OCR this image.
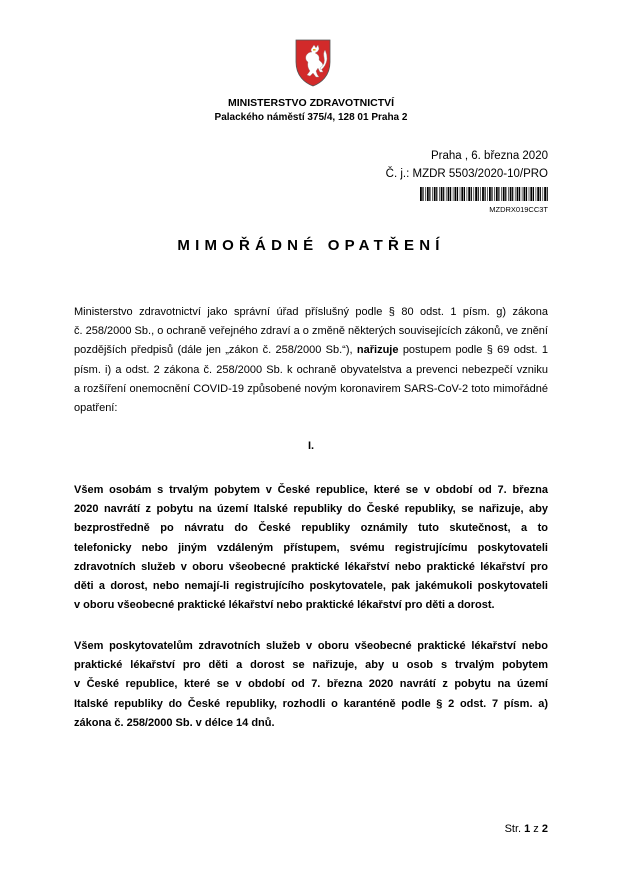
MINISTERSTVO ZDRAVOTNICTVÍ
Palackého náměstí 375/4, 128 01 Praha 2
Praha , 6. března 2020
Č. j.: MZDR 5503/2020-10/PRO
MZDRX019CC3T
MIMOŘÁDNÉ OPATŘENÍ
Ministerstvo zdravotnictví jako správní úřad příslušný podle § 80 odst. 1 písm. g) zákona
č. 258/2000 Sb., o ochraně veřejného zdraví a o změně některých souvisejících zákonů, ve znění
pozdějších předpisů (dále jen „zákon č. 258/2000 Sb.“), nařizuje postupem podle § 69 odst. 1
písm. i) a odst. 2 zákona č. 258/2000 Sb. k ochraně obyvatelstva a prevenci nebezpečí vzniku
a rozšíření onemocnění COVID-19 způsobené novým koronavirem SARS-CoV-2 toto mimořádné
opatření:
I.
Všem osobám s trvalým pobytem v České republice, které se v období od 7. března
2020 navrátí z pobytu na území Italské republiky do České republiky, se nařizuje, aby
bezprostředně po návratu do České republiky oznámily tuto skutečnost, a to
telefonicky nebo jiným vzdáleným přístupem, svému registrujícímu poskytovateli
zdravotních služeb v oboru všeobecné praktické lékařství nebo praktické lékařství pro
děti a dorost, nebo nemají-li registrujícího poskytovatele, pak jakémukoli poskytovateli
v oboru všeobecné praktické lékařství nebo praktické lékařství pro děti a dorost.
Všem poskytovatelům zdravotních služeb v oboru všeobecné praktické lékařství nebo
praktické lékařství pro děti a dorost se nařizuje, aby u osob s trvalým pobytem
v České republice, které se v období od 7. března 2020 navrátí z pobytu na území
Italské republiky do České republiky, rozhodli o karanténě podle § 2 odst. 7 písm. a)
zákona č. 258/2000 Sb. v délce 14 dnů.
Str. 1 z 2
